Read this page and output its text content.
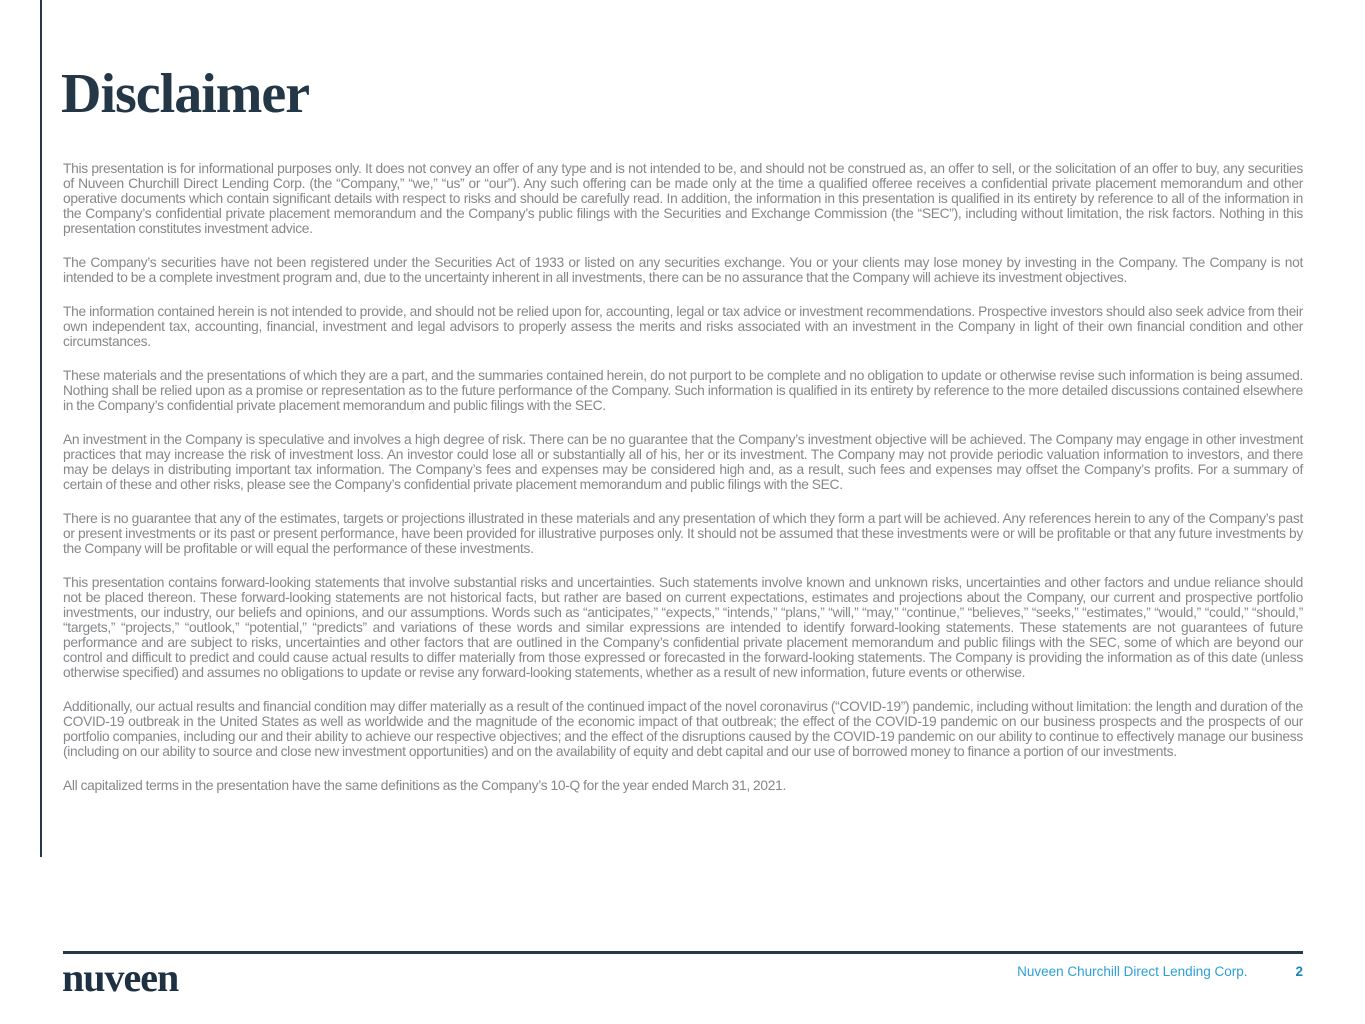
Disclaimer

This presentation is for informational purposes only. It does not convey an offer of any type and is not intended to be, and should not be construed as, an offer to sell, or the solicitation of an offer to buy, any securities of Nuveen Churchill Direct Lending Corp. (the “Company,” “we,” “us” or “our”). Any such offering can be made only at the time a qualified offeree receives a confidential private placement memorandum and other operative documents which contain significant details with respect to risks and should be carefully read. In addition, the information in this presentation is qualified in its entirety by reference to all of the information in the Company’s confidential private placement memorandum and the Company’s public filings with the Securities and Exchange Commission (the “SEC”), including without limitation, the risk factors. Nothing in this presentation constitutes investment advice.

The Company’s securities have not been registered under the Securities Act of 1933 or listed on any securities exchange. You or your clients may lose money by investing in the Company. The Company is not intended to be a complete investment program and, due to the uncertainty inherent in all investments, there can be no assurance that the Company will achieve its investment objectives.

The information contained herein is not intended to provide, and should not be relied upon for, accounting, legal or tax advice or investment recommendations. Prospective investors should also seek advice from their own independent tax, accounting, financial, investment and legal advisors to properly assess the merits and risks associated with an investment in the Company in light of their own financial condition and other circumstances.

These materials and the presentations of which they are a part, and the summaries contained herein, do not purport to be complete and no obligation to update or otherwise revise such information is being assumed. Nothing shall be relied upon as a promise or representation as to the future performance of the Company. Such information is qualified in its entirety by reference to the more detailed discussions contained elsewhere in the Company’s confidential private placement memorandum and public filings with the SEC.

An investment in the Company is speculative and involves a high degree of risk. There can be no guarantee that the Company’s investment objective will be achieved. The Company may engage in other investment practices that may increase the risk of investment loss. An investor could lose all or substantially all of his, her or its investment. The Company may not provide periodic valuation information to investors, and there may be delays in distributing important tax information. The Company’s fees and expenses may be considered high and, as a result, such fees and expenses may offset the Company’s profits. For a summary of certain of these and other risks, please see the Company’s confidential private placement memorandum and public filings with the SEC.

There is no guarantee that any of the estimates, targets or projections illustrated in these materials and any presentation of which they form a part will be achieved. Any references herein to any of the Company’s past or present investments or its past or present performance, have been provided for illustrative purposes only. It should not be assumed that these investments were or will be profitable or that any future investments by the Company will be profitable or will equal the performance of these investments.

This presentation contains forward-looking statements that involve substantial risks and uncertainties. Such statements involve known and unknown risks, uncertainties and other factors and undue reliance should not be placed thereon. These forward-looking statements are not historical facts, but rather are based on current expectations, estimates and projections about the Company, our current and prospective portfolio investments, our industry, our beliefs and opinions, and our assumptions. Words such as “anticipates,” “expects,” “intends,” “plans,” “will,” “may,” “continue,” “believes,” “seeks,” “estimates,” “would,” “could,” “should,” “targets,” “projects,” “outlook,” “potential,” “predicts” and variations of these words and similar expressions are intended to identify forward-looking statements. These statements are not guarantees of future performance and are subject to risks, uncertainties and other factors that are outlined in the Company’s confidential private placement memorandum and public filings with the SEC, some of which are beyond our control and difficult to predict and could cause actual results to differ materially from those expressed or forecasted in the forward-looking statements. The Company is providing the information as of this date (unless otherwise specified) and assumes no obligations to update or revise any forward-looking statements, whether as a result of new information, future events or otherwise.

Additionally, our actual results and financial condition may differ materially as a result of the continued impact of the novel coronavirus (“COVID-19”) pandemic, including without limitation: the length and duration of the COVID-19 outbreak in the United States as well as worldwide and the magnitude of the economic impact of that outbreak; the effect of the COVID-19 pandemic on our business prospects and the prospects of our portfolio companies, including our and their ability to achieve our respective objectives; and the effect of the disruptions caused by the COVID-19 pandemic on our ability to continue to effectively manage our business (including on our ability to source and close new investment opportunities) and on the availability of equity and debt capital and our use of borrowed money to finance a portion of our investments.

All capitalized terms in the presentation have the same definitions as the Company’s 10-Q for the year ended March 31, 2021.

nuveen	Nuveen Churchill Direct Lending Corp.	2
